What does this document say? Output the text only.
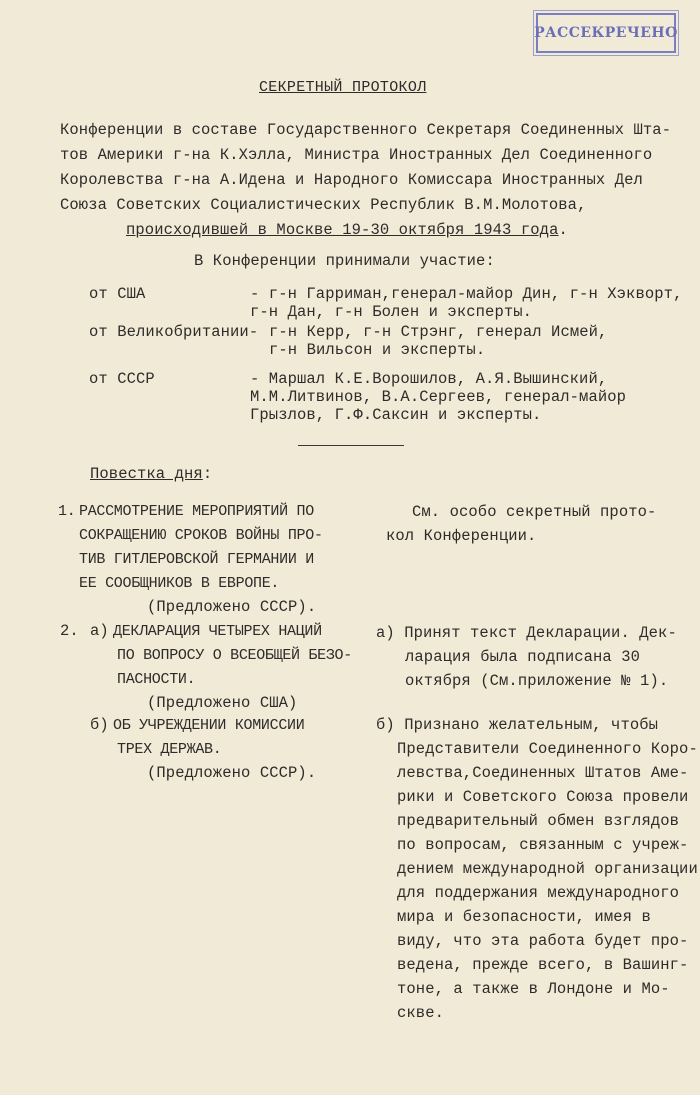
РАССЕКРЕЧЕНО
СЕКРЕТНЫЙ ПРОТОКОЛ
Конференции в составе Государственного Секретаря Соединенных Шта-
тов Америки г-на К.Хэлла, Министра Иностранных Дел Соединенного
Королевства г-на А.Идена и Народного Комиссара Иностранных Дел
Союза Советских Социалистических Республик В.М.Молотова,
происходившей в Москве 19-30 октября 1943 года.
В Конференции принимали участие:
от США	- г-н Гарриман,генерал-майор Дин, г-н Хэкворт,
г-н Дан, г-н Болен и эксперты.
от Великобритании- г-н Керр, г-н Стрэнг, генерал Исмей,
г-н Вильсон и эксперты.
от СССР	- Маршал К.Е.Ворошилов, А.Я.Вышинский,
М.М.Литвинов, В.А.Сергеев, генерал-майор
Грызлов, Г.Ф.Саксин и эксперты.
Повестка дня:
1. РАССМОТРЕНИЕ МЕРОПРИЯТИЙ ПО
СОКРАЩЕНИЮ СРОКОВ ВОЙНЫ ПРО-
ТИВ ГИТЛЕРОВСКОЙ ГЕРМАНИИ И
ЕЕ СООБЩНИКОВ В ЕВРОПЕ.
(Предложено СССР).
См. особо секретный прото-
кол Конференции.
2. а) ДЕКЛАРАЦИЯ ЧЕТЫРЕХ НАЦИЙ
ПО ВОПРОСУ О ВСЕОБЩЕЙ БЕЗО-
ПАСНОСТИ.
(Предложено США)
б) ОБ УЧРЕЖДЕНИИ КОМИССИИ
ТРЕХ ДЕРЖАВ.
(Предложено СССР).
а) Принят текст Декларации. Дек-
ларация была подписана 30
октября (См.приложение № 1).
б) Признано желательным, чтобы
Представители Соединенного Коро-
левства,Соединенных Штатов Аме-
рики и Советского Союза провели
предварительный обмен взглядов
по вопросам, связанным с учреж-
дением международной организации
для поддержания международного
мира и безопасности, имея в
виду, что эта работа будет про-
ведена, прежде всего, в Вашинг-
тоне, а также в Лондоне и Мо-
скве.
